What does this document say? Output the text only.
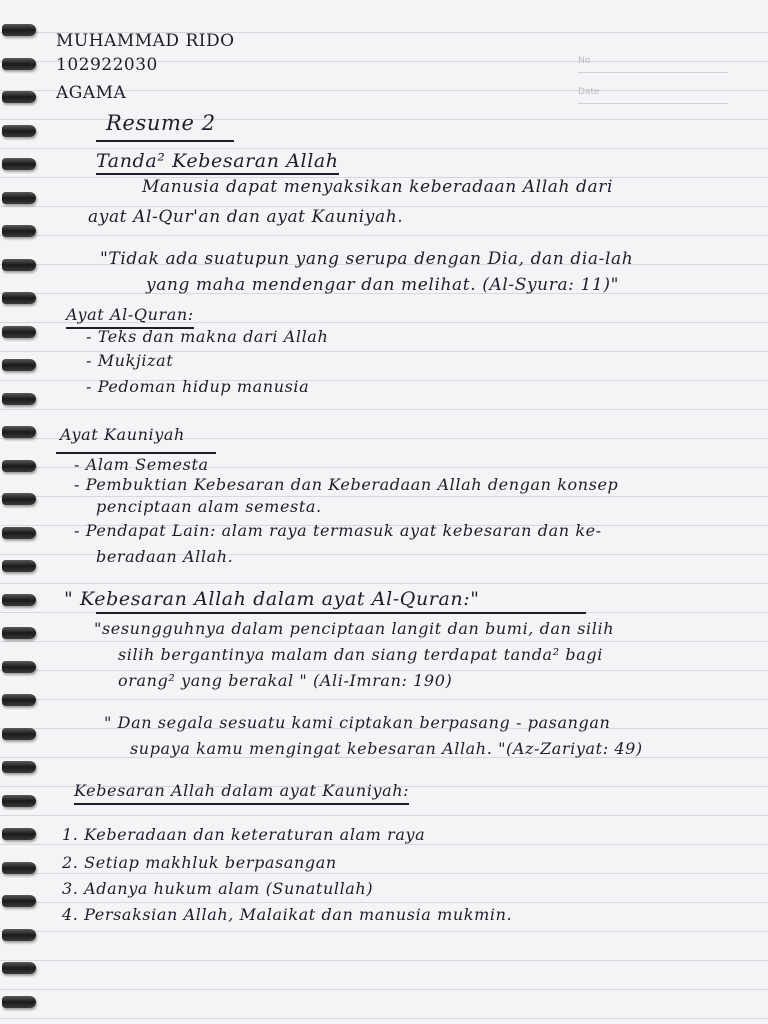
No
Date
MUHAMMAD RIDO
102922030
AGAMA
Resume 2
Tanda² Kebesaran Allah
Manusia dapat menyaksikan keberadaan Allah dari
ayat Al-Qur'an dan ayat Kauniyah.
"Tidak ada suatupun yang serupa dengan Dia, dan dia-lah
yang maha mendengar dan melihat. (Al-Syura: 11)"
Ayat Al-Quran:
- Teks dan makna dari Allah
- Mukjizat
- Pedoman hidup manusia
Ayat Kauniyah
- Alam Semesta
- Pembuktian Kebesaran dan Keberadaan Allah dengan konsep
penciptaan alam semesta.
- Pendapat Lain: alam raya termasuk ayat kebesaran dan ke-
beradaan Allah.
" Kebesaran Allah dalam ayat Al-Quran:"
"sesungguhnya dalam penciptaan langit dan bumi, dan silih
silih bergantinya malam dan siang terdapat tanda² bagi
orang² yang berakal " (Ali-Imran: 190)
" Dan segala sesuatu kami ciptakan berpasang - pasangan
supaya kamu mengingat kebesaran Allah. "(Az-Zariyat: 49)
Kebesaran Allah dalam ayat Kauniyah:
1. Keberadaan dan keteraturan alam raya
2. Setiap makhluk berpasangan
3. Adanya hukum alam (Sunatullah)
4. Persaksian Allah, Malaikat dan manusia mukmin.
